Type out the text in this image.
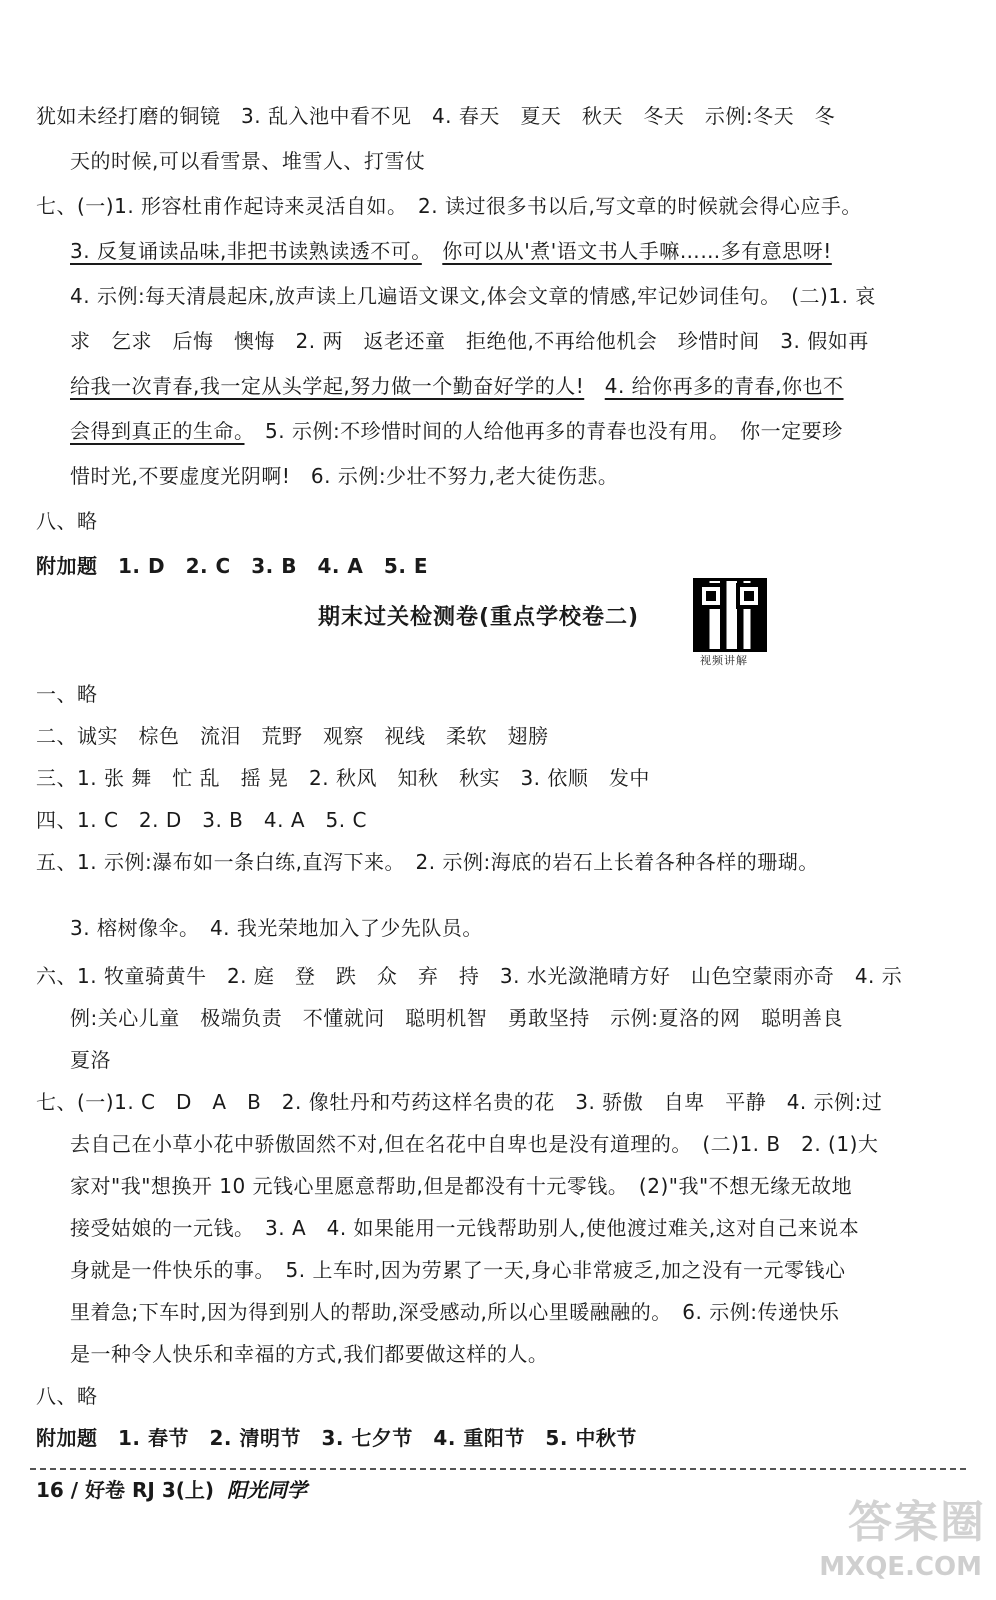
犹如未经打磨的铜镜　3. 乱入池中看不见　4. 春天　夏天　秋天　冬天　示例:冬天　冬
天的时候,可以看雪景、堆雪人、打雪仗
七、(一)1. 形容杜甫作起诗来灵活自如。　2. 读过很多书以后,写文章的时候就会得心应手。
3. 反复诵读品味,非把书读熟读透不可。　 你可以从'煮'语文书人手嘛……多有意思呀!
4. 示例:每天清晨起床,放声读上几遍语文课文,体会文章的情感,牢记妙词佳句。　(二)1. 哀
求　乞求　后悔　懊悔　2. 两　返老还童　拒绝他,不再给他机会　珍惜时间　3. 假如再
给我一次青春,我一定从头学起,努力做一个勤奋好学的人!　 4. 给你再多的青春,你也不
会得到真正的生命。　 5. 示例:不珍惜时间的人给他再多的青春也没有用。　你一定要珍
惜时光,不要虚度光阴啊!　6. 示例:少壮不努力,老大徒伤悲。
八、略
附加题　1. D　2. C　3. B　4. A　5. E
期末过关检测卷(重点学校卷二)
视频讲解
一、略
二、诚实　棕色　流泪　荒野　观察　视线　柔软　翅膀
三、1. 张 舞　忙 乱　摇 晃　2. 秋风　知秋　秋实　3. 依顺　发中
四、1. C　2. D　3. B　4. A　5. C
五、1. 示例:瀑布如一条白练,直泻下来。　2. 示例:海底的岩石上长着各种各样的珊瑚。
3. 榕树像伞。　4. 我光荣地加入了少先队员。
六、1. 牧童骑黄牛　2. 庭　登　跌　众　弃　持　3. 水光潋滟晴方好　山色空蒙雨亦奇　4. 示
例:关心儿童　极端负责　不懂就问　聪明机智　勇敢坚持　示例:夏洛的网　聪明善良
夏洛
七、(一)1. C　D　A　B　2. 像牡丹和芍药这样名贵的花　3. 骄傲　自卑　平静　4. 示例:过
去自己在小草小花中骄傲固然不对,但在名花中自卑也是没有道理的。　(二)1. B　2. (1)大
家对"我"想换开 10 元钱心里愿意帮助,但是都没有十元零钱。　(2)"我"不想无缘无故地
接受姑娘的一元钱。　3. A　4. 如果能用一元钱帮助别人,使他渡过难关,这对自己来说本
身就是一件快乐的事。　5. 上车时,因为劳累了一天,身心非常疲乏,加之没有一元零钱心
里着急;下车时,因为得到别人的帮助,深受感动,所以心里暖融融的。　6. 示例:传递快乐
是一种令人快乐和幸福的方式,我们都要做这样的人。
八、略
附加题　1. 春节　2. 清明节　3. 七夕节　4. 重阳节　5. 中秋节
16 / 好卷 RJ 3(上) 阳光同学
答案圈
MXQE.COM
